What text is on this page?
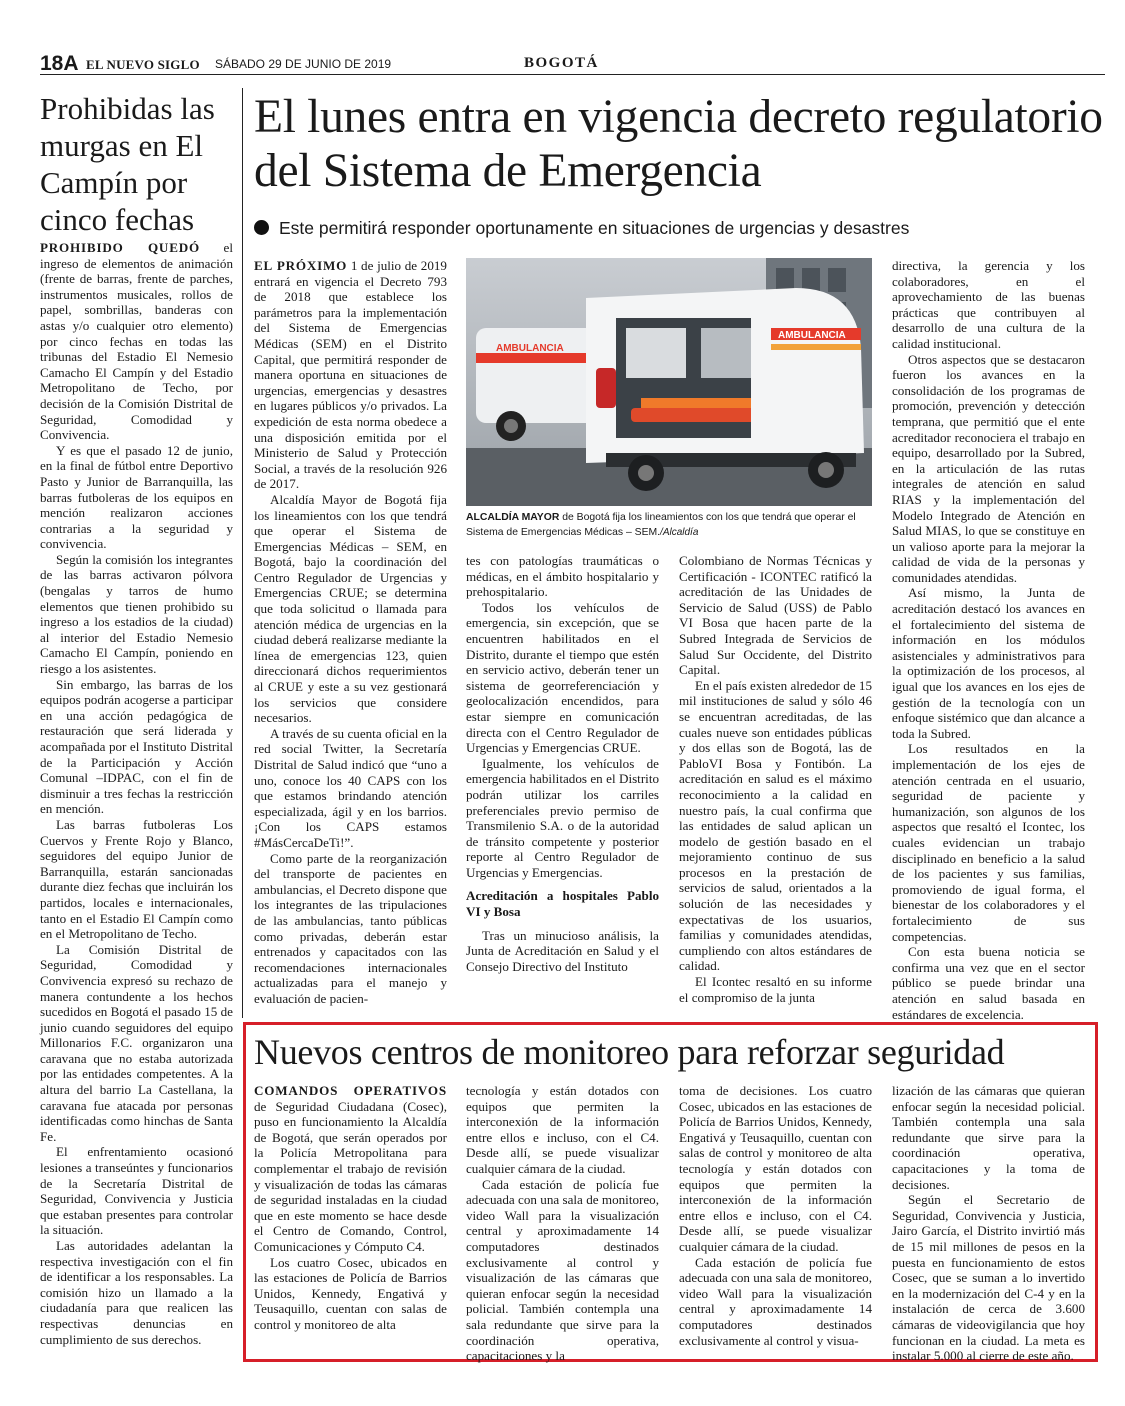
18A EL NUEVO SIGLO SÁBADO 29 DE JUNIO DE 2019	BOGOTÁ
Prohibidas las murgas en El Campín por cinco fechas

PROHIBIDO QUEDÓ el ingreso de elementos de animación (frente de barras, frente de parches, instrumentos musicales, rollos de papel, sombrillas, banderas con astas y/o cualquier otro elemento) por cinco fechas en todas las tribunas del Estadio El Nemesio Camacho El Campín y del Estadio Metropolitano de Techo, por decisión de la Comisión Distrital de Seguridad, Comodidad y Convivencia.

Y es que el pasado 12 de junio, en la final de fútbol entre Deportivo Pasto y Junior de Barranquilla, las barras futboleras de los equipos en mención realizaron acciones contrarias a la seguridad y convivencia.

Según la comisión los integrantes de las barras activaron pólvora (bengalas y tarros de humo elementos que tienen prohibido su ingreso a los estadios de la ciudad) al interior del Estadio Nemesio Camacho El Campín, poniendo en riesgo a los asistentes.

Sin embargo, las barras de los equipos podrán acogerse a participar en una acción pedagógica de restauración que será liderada y acompañada por el Instituto Distrital de la Participación y Acción Comunal –IDPAC, con el fin de disminuir a tres fechas la restricción en mención.

Las barras futboleras Los Cuervos y Frente Rojo y Blanco, seguidores del equipo Junior de Barranquilla, estarán sancionadas durante diez fechas que incluirán los partidos, locales e internacionales, tanto en el Estadio El Campín como en el Metropolitano de Techo.

La Comisión Distrital de Seguridad, Comodidad y Convivencia expresó su rechazo de manera contundente a los hechos sucedidos en Bogotá el pasado 15 de junio cuando seguidores del equipo Millonarios F.C. organizaron una caravana que no estaba autorizada por las entidades competentes. A la altura del barrio La Castellana, la caravana fue atacada por personas identificadas como hinchas de Santa Fe.

El enfrentamiento ocasionó lesiones a transeúntes y funcionarios de la Secretaría Distrital de Seguridad, Convivencia y Justicia que estaban presentes para controlar la situación.

Las autoridades adelantan la respectiva investigación con el fin de identificar a los responsables. La comisión hizo un llamado a la ciudadanía para que realicen las respectivas denuncias en cumplimiento de sus derechos.

El lunes entra en vigencia decreto regulatorio del Sistema de Emergencia
Este permitirá responder oportunamente en situaciones de urgencias y desastres

EL PRÓXIMO 1 de julio de 2019 entrará en vigencia el Decreto 793 de 2018 que establece los parámetros para la implementación del Sistema de Emergencias Médicas (SEM) en el Distrito Capital, que permitirá responder de manera oportuna en situaciones de urgencias, emergencias y desastres en lugares públicos y/o privados. La expedición de esta norma obedece a una disposición emitida por el Ministerio de Salud y Protección Social, a través de la resolución 926 de 2017.

Alcaldía Mayor de Bogotá fija los lineamientos con los que tendrá que operar el Sistema de Emergencias Médicas – SEM, en Bogotá, bajo la coordinación del Centro Regulador de Urgencias y Emergencias CRUE; se determina que toda solicitud o llamada para atención médica de urgencias en la ciudad deberá realizarse mediante la línea de emergencias 123, quien direccionará dichos requerimientos al CRUE y este a su vez gestionará los servicios que considere necesarios.

A través de su cuenta oficial en la red social Twitter, la Secretaría Distrital de Salud indicó que “uno a uno, conoce los 40 CAPS con los que estamos brindando atención especializada, ágil y en los barrios. ¡Con los CAPS estamos #MásCercaDeTi!”.

Como parte de la reorganización del transporte de pacientes en ambulancias, el Decreto dispone que los integrantes de las tripulaciones de las ambulancias, tanto públicas como privadas, deberán estar entrenados y capacitados con las recomendaciones internacionales actualizadas para el manejo y evaluación de pacien-

AMBULANCIA
AMBULANCIA
ALCALDÍA MAYOR de Bogotá fija los lineamientos con los que tendrá que operar el Sistema de Emergencias Médicas – SEM./Alcaldía

tes con patologías traumáticas o médicas, en el ámbito hospitalario y prehospitalario.

Todos los vehículos de emergencia, sin excepción, que se encuentren habilitados en el Distrito, durante el tiempo que estén en servicio activo, deberán tener un sistema de georreferenciación y geolocalización encendidos, para estar siempre en comunicación directa con el Centro Regulador de Urgencias y Emergencias CRUE.

Igualmente, los vehículos de emergencia habilitados en el Distrito podrán utilizar los carriles preferenciales previo permiso de Transmilenio S.A. o de la autoridad de tránsito competente y posterior reporte al Centro Regulador de Urgencias y Emergencias.

Acreditación a hospitales Pablo VI y Bosa

Tras un minucioso análisis, la Junta de Acreditación en Salud y el Consejo Directivo del Instituto

Colombiano de Normas Técnicas y Certificación - ICONTEC ratificó la acreditación de las Unidades de Servicio de Salud (USS) de Pablo VI Bosa que hacen parte de la Subred Integrada de Servicios de Salud Sur Occidente, del Distrito Capital.

En el país existen alrededor de 15 mil instituciones de salud y sólo 46 se encuentran acreditadas, de las cuales nueve son entidades públicas y dos ellas son de Bogotá, las de PabloVI Bosa y Fontibón. La acreditación en salud es el máximo reconocimiento a la calidad en nuestro país, la cual confirma que las entidades de salud aplican un modelo de gestión basado en el mejoramiento continuo de sus procesos en la prestación de servicios de salud, orientados a la solución de las necesidades y expectativas de los usuarios, familias y comunidades atendidas, cumpliendo con altos estándares de calidad.

El Icontec resaltó en su informe el compromiso de la junta

directiva, la gerencia y los colaboradores, en el aprovechamiento de las buenas prácticas que contribuyen al desarrollo de una cultura de la calidad institucional.

Otros aspectos que se destacaron fueron los avances en la consolidación de los programas de promoción, prevención y detección temprana, que permitió que el ente acreditador reconociera el trabajo en equipo, desarrollado por la Subred, en la articulación de las rutas integrales de atención en salud RIAS y la implementación del Modelo Integrado de Atención en Salud MIAS, lo que se constituye en un valioso aporte para la mejorar la calidad de vida de la personas y comunidades atendidas.

Así mismo, la Junta de acreditación destacó los avances en el fortalecimiento del sistema de información en los módulos asistenciales y administrativos para la optimización de los procesos, al igual que los avances en los ejes de gestión de la tecnología con un enfoque sistémico que dan alcance a toda la Subred.

Los resultados en la implementación de los ejes de atención centrada en el usuario, seguridad de paciente y humanización, son algunos de los aspectos que resaltó el Icontec, los cuales evidencian un trabajo disciplinado en beneficio a la salud de los pacientes y sus familias, promoviendo de igual forma, el bienestar de los colaboradores y el fortalecimiento de sus competencias.

Con esta buena noticia se confirma una vez que en el sector público se puede brindar una atención en salud basada en estándares de excelencia.

Nuevos centros de monitoreo para reforzar seguridad

COMANDOS OPERATIVOS de Seguridad Ciudadana (Cosec), puso en funcionamiento la Alcaldía de Bogotá, que serán operados por la Policía Metropolitana para complementar el trabajo de revisión y visualización de todas las cámaras de seguridad instaladas en la ciudad que en este momento se hace desde el Centro de Comando, Control, Comunicaciones y Cómputo C4.

Los cuatro Cosec, ubicados en las estaciones de Policía de Barrios Unidos, Kennedy, Engativá y Teusaquillo, cuentan con salas de control y monitoreo de alta

tecnología y están dotados con equipos que permiten la interconexión de la información entre ellos e incluso, con el C4. Desde allí, se puede visualizar cualquier cámara de la ciudad.

Cada estación de policía fue adecuada con una sala de monitoreo, video Wall para la visualización central y aproximadamente 14 computadores destinados exclusivamente al control y visualización de las cámaras que quieran enfocar según la necesidad policial. También contempla una sala redundante que sirve para la coordinación operativa, capacitaciones y la

toma de decisiones. Los cuatro Cosec, ubicados en las estaciones de Policía de Barrios Unidos, Kennedy, Engativá y Teusaquillo, cuentan con salas de control y monitoreo de alta tecnología y están dotados con equipos que permiten la interconexión de la información entre ellos e incluso, con el C4. Desde allí, se puede visualizar cualquier cámara de la ciudad.

Cada estación de policía fue adecuada con una sala de monitoreo, video Wall para la visualización central y aproximadamente 14 computadores destinados exclusivamente al control y visua-

lización de las cámaras que quieran enfocar según la necesidad policial. También contempla una sala redundante que sirve para la coordinación operativa, capacitaciones y la toma de decisiones.

Según el Secretario de Seguridad, Convivencia y Justicia, Jairo García, el Distrito invirtió más de 15 mil millones de pesos en la puesta en funcionamiento de estos Cosec, que se suman a lo invertido en la modernización del C-4 y en la instalación de cerca de 3.600 cámaras de videovigilancia que hoy funcionan en la ciudad. La meta es instalar 5.000 al cierre de este año.
